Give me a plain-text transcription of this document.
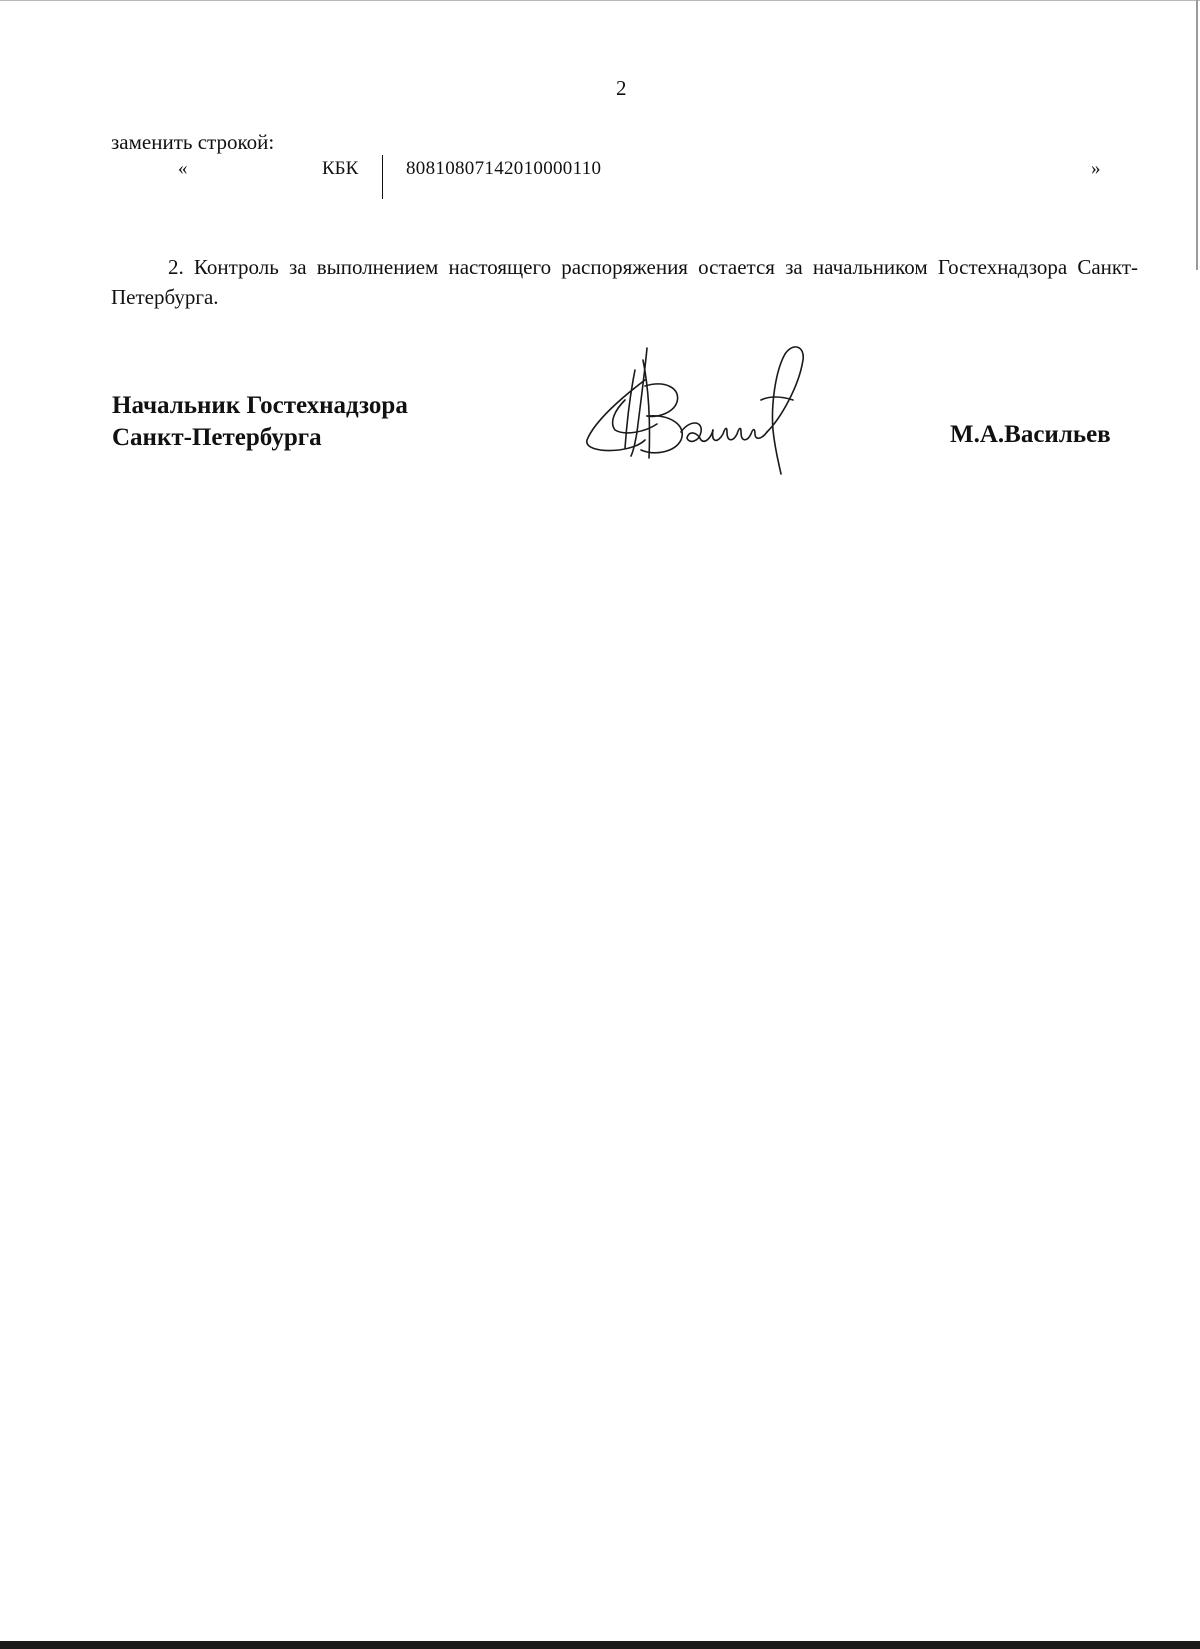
2
заменить строкой:
«	КБК	80810807142010000110	»
2. Контроль за выполнением настоящего распоряжения остается за начальником Гостехнадзора Санкт-Петербурга.
Начальник Гостехнадзора
Санкт-Петербурга	М.А.Васильев
